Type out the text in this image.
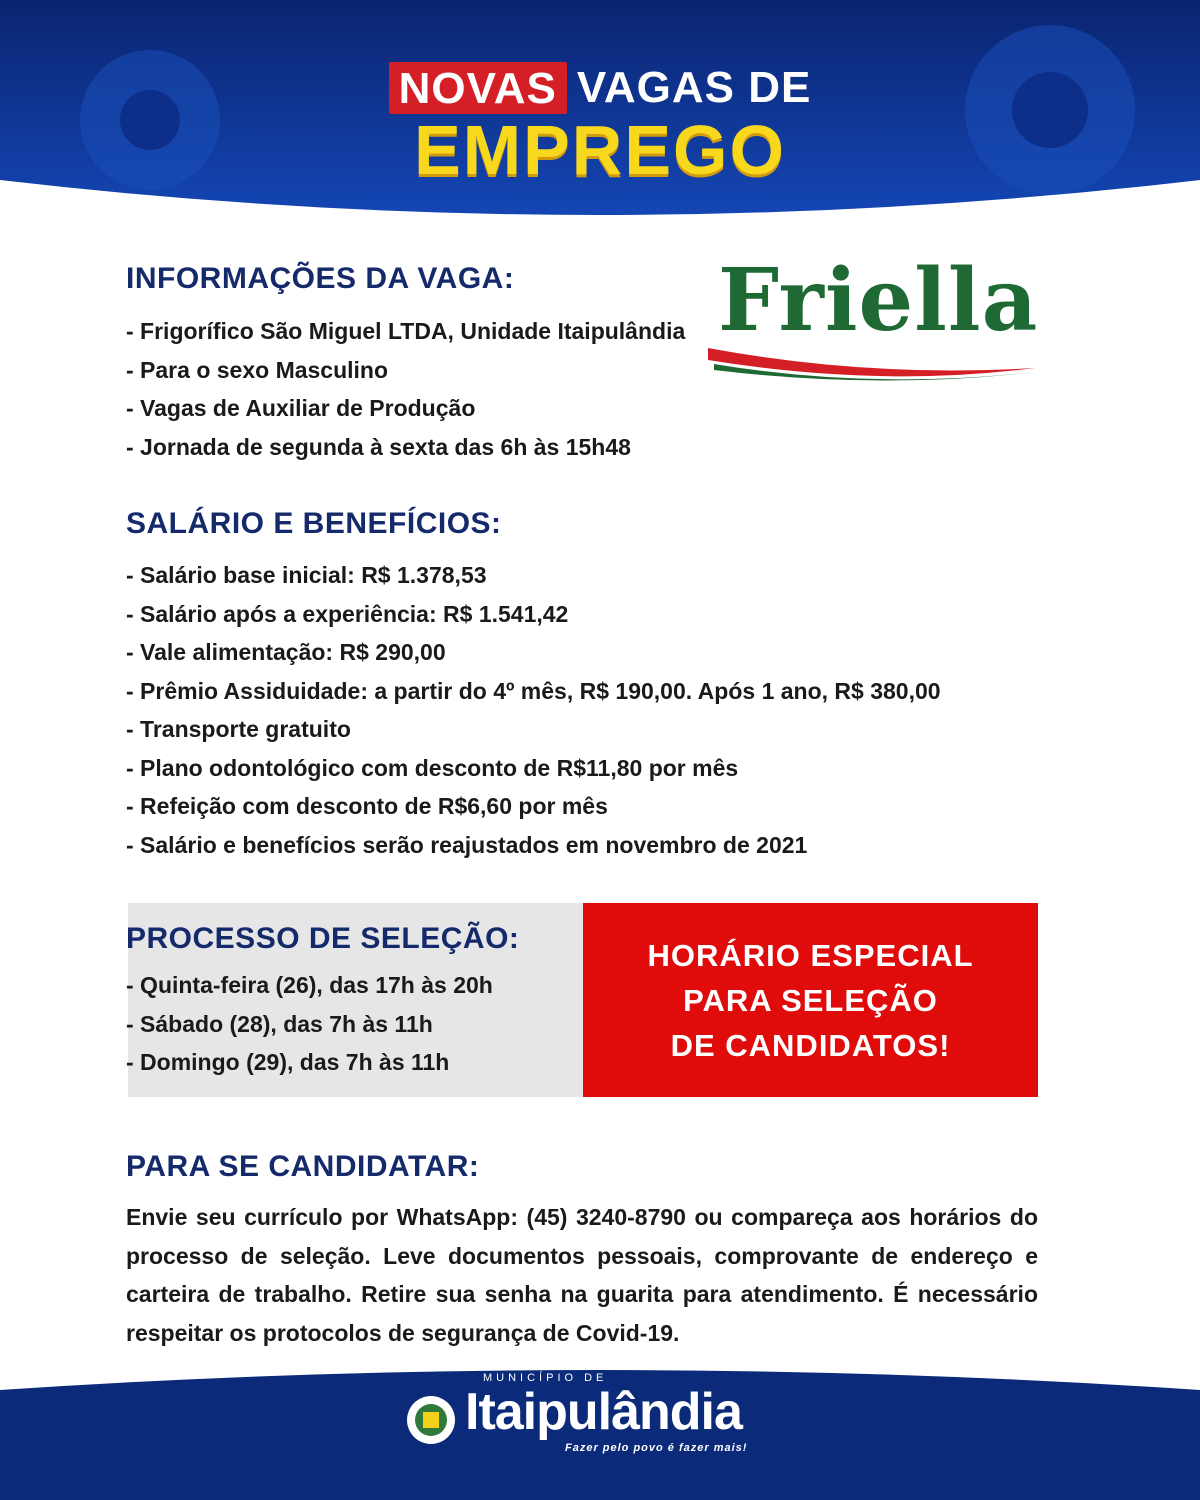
NOVAS VAGAS DE
EMPREGO
Friella
INFORMAÇÕES DA VAGA:
- Frigorífico São Miguel LTDA, Unidade Itaipulândia
- Para o sexo Masculino
- Vagas de Auxiliar de Produção
- Jornada de segunda à sexta das 6h às 15h48
SALÁRIO E BENEFÍCIOS:
- Salário base inicial: R$ 1.378,53
- Salário após a experiência: R$ 1.541,42
- Vale alimentação: R$ 290,00
- Prêmio Assiduidade: a partir do 4º mês, R$ 190,00. Após 1 ano, R$ 380,00
- Transporte gratuito
- Plano odontológico com desconto de R$11,80 por mês
- Refeição com desconto de R$6,60 por mês
- Salário e benefícios serão reajustados em novembro de 2021
PROCESSO DE SELEÇÃO:
- Quinta-feira (26), das 17h às 20h
- Sábado (28), das 7h às 11h
- Domingo (29), das 7h às 11h
HORÁRIO ESPECIAL
PARA SELEÇÃO
DE CANDIDATOS!
PARA SE CANDIDATAR:
Envie seu currículo por WhatsApp: (45) 3240-8790 ou compareça aos horários do processo de seleção. Leve documentos pessoais, comprovante de endereço e carteira de trabalho. Retire sua senha na guarita para atendimento. É necessário respeitar os protocolos de segurança de Covid-19.
MUNICÍPIO DE
Itaipulândia
Fazer pelo povo é fazer mais!
